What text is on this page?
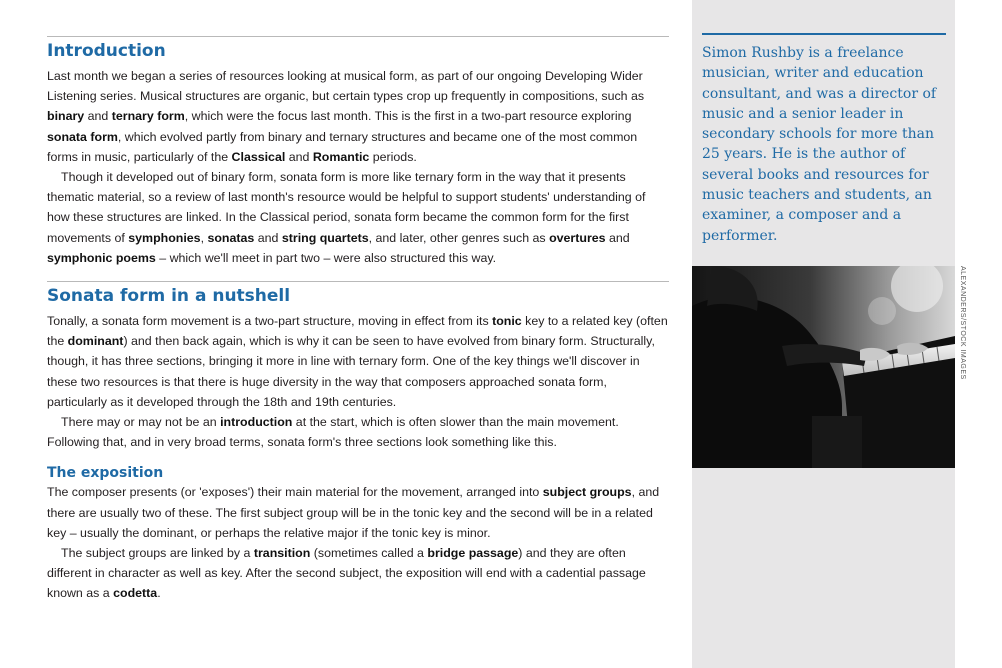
Introduction

Last month we began a series of resources looking at musical form, as part of our ongoing Developing Wider Listening series. Musical structures are organic, but certain types crop up frequently in compositions, such as binary and ternary form, which were the focus last month. This is the first in a two-part resource exploring sonata form, which evolved partly from binary and ternary structures and became one of the most common forms in music, particularly of the Classical and Romantic periods.

Though it developed out of binary form, sonata form is more like ternary form in the way that it presents thematic material, so a review of last month's resource would be helpful to support students' understanding of how these structures are linked. In the Classical period, sonata form became the common form for the first movements of symphonies, sonatas and string quartets, and later, other genres such as overtures and symphonic poems – which we'll meet in part two – were also structured this way.

Sonata form in a nutshell

Tonally, a sonata form movement is a two-part structure, moving in effect from its tonic key to a related key (often the dominant) and then back again, which is why it can be seen to have evolved from binary form. Structurally, though, it has three sections, bringing it more in line with ternary form. One of the key things we'll discover in these two resources is that there is huge diversity in the way that composers approached sonata form, particularly as it developed through the 18th and 19th centuries.

There may or may not be an introduction at the start, which is often slower than the main movement. Following that, and in very broad terms, sonata form's three sections look something like this.

The exposition

The composer presents (or 'exposes') their main material for the movement, arranged into subject groups, and there are usually two of these. The first subject group will be in the tonic key and the second will be in a related key – usually the dominant, or perhaps the relative major if the tonic key is minor.

The subject groups are linked by a transition (sometimes called a bridge passage) and they are often different in character as well as key. After the second subject, the exposition will end with a cadential passage known as a codetta.

Simon Rushby is a freelance musician, writer and education consultant, and was a director of music and a senior leader in secondary schools for more than 25 years. He is the author of several books and resources for music teachers and students, an examiner, a composer and a performer.
ALEXANDERS/STOCK IMAGES
